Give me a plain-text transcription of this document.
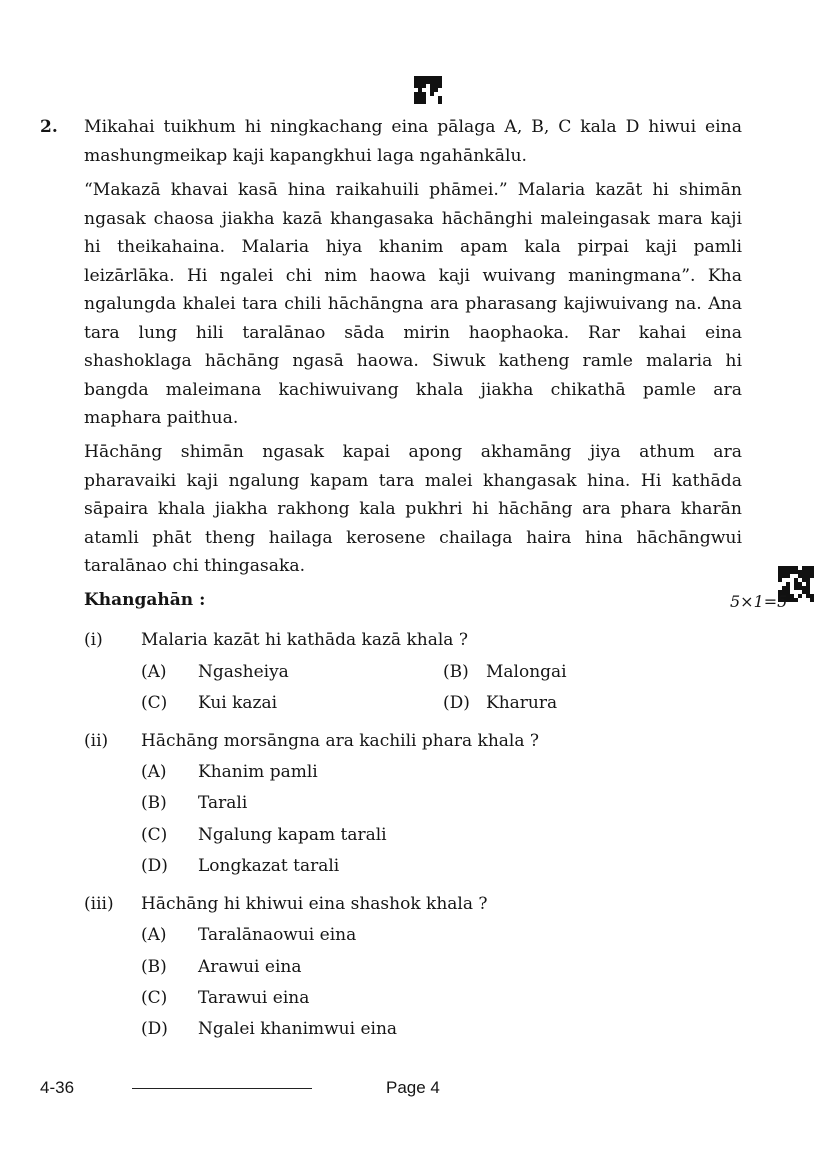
2. Mikahai tuikhum hi ningkachang eina pālaga A, B, C kala D hiwui eina
mashungmeikap kaji kapangkhui laga ngahānkālu.

“Makazā khavai kasā hina raikahuili phāmei.” Malaria kazāt hi shimān
ngasak chaosa jiakha kazā khangasaka hāchānghi maleingasak mara kaji
hi theikahaina. Malaria hiya khanim apam kala pirpai kaji pamli
leizārlāka. Hi ngalei chi nim haowa kaji wuivang maningmana”. Kha
ngalungda khalei tara chili hāchāngna ara pharasang kajiwuivang na. Ana
tara lung hili taralānao sāda mirin haophaoka. Rar kahai eina
shashoklaga hāchāng ngasā haowa. Siwuk katheng ramle malaria hi
bangda maleimana kachiwuivang khala jiakha chikathā pamle ara
maphara paithua.

Hāchāng shimān ngasak kapai apong akhamāng jiya athum ara
pharavaiki kaji ngalung kapam tara malei khangasak hina. Hi kathāda
sāpaira khala jiakha rakhong kala pukhri hi hāchāng ara phara kharān
atamli phāt theng hailaga kerosene chailaga haira hina hāchāngwui
taralānao chi thingasaka.

Khangahān :	5×1=5
(i)	Malaria kazāt hi kathāda kazā khala ?
(A) Ngasheiya	(B) Malongai
(C) Kui kazai	(D) Kharura
(ii)	Hāchāng morsāngna ara kachili phara khala ?
(A) Khanim pamli
(B) Tarali
(C) Ngalung kapam tarali
(D) Longkazat tarali
(iii)	Hāchāng hi khiwui eina shashok khala ?
(A) Taralānaowui eina
(B) Arawui eina
(C) Tarawui eina
(D) Ngalei khanimwui eina
4-36	Page 4
